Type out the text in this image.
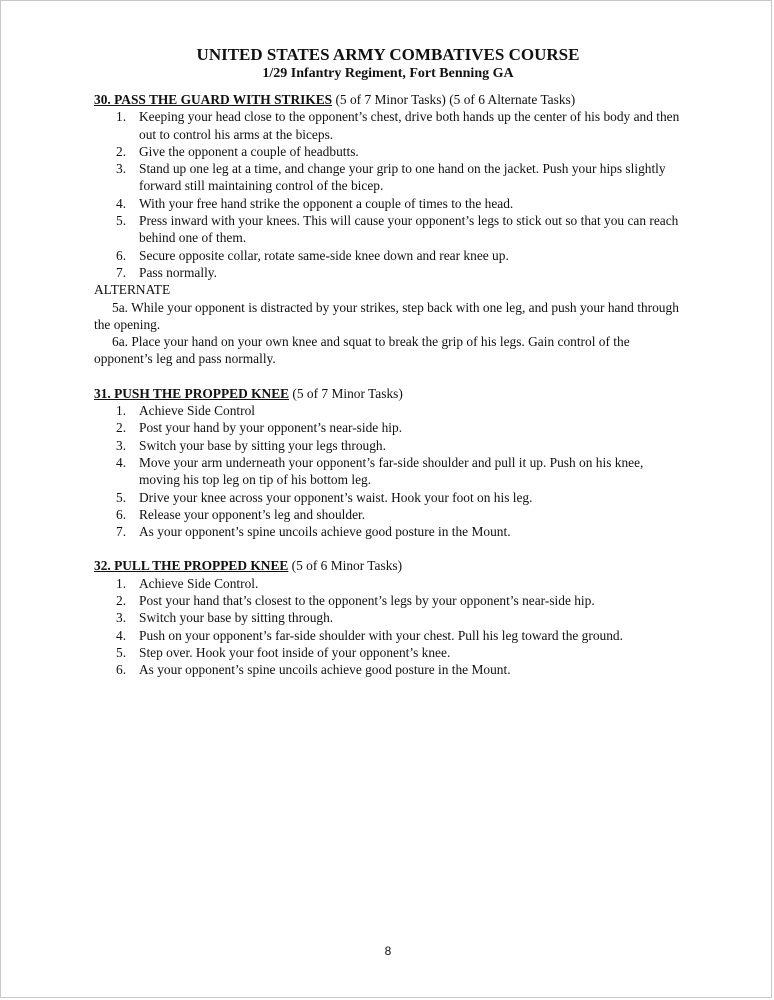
UNITED STATES ARMY COMBATIVES COURSE

1/29 Infantry Regiment, Fort Benning GA

30. PASS THE GUARD WITH STRIKES (5 of 7 Minor Tasks) (5 of 6 Alternate Tasks)

1. Keeping your head close to the opponent’s chest, drive both hands up the center of his body and then out to control his arms at the biceps.
2. Give the opponent a couple of headbutts.
3. Stand up one leg at a time, and change your grip to one hand on the jacket. Push your hips slightly forward still maintaining control of the bicep.
4. With your free hand strike the opponent a couple of times to the head.
5. Press inward with your knees. This will cause your opponent’s legs to stick out so that you can reach behind one of them.
6. Secure opposite collar, rotate same-side knee down and rear knee up.
7. Pass normally.

ALTERNATE

5a. While your opponent is distracted by your strikes, step back with one leg, and push your hand through the opening.

6a. Place your hand on your own knee and squat to break the grip of his legs. Gain control of the opponent’s leg and pass normally.

31. PUSH THE PROPPED KNEE (5 of 7 Minor Tasks)

1. Achieve Side Control
2. Post your hand by your opponent’s near-side hip.
3. Switch your base by sitting your legs through.
4. Move your arm underneath your opponent’s far-side shoulder and pull it up. Push on his knee, moving his top leg on tip of his bottom leg.
5. Drive your knee across your opponent’s waist. Hook your foot on his leg.
6. Release your opponent’s leg and shoulder.
7. As your opponent’s spine uncoils achieve good posture in the Mount.

32. PULL THE PROPPED KNEE (5 of 6 Minor Tasks)

1. Achieve Side Control.
2. Post your hand that’s closest to the opponent’s legs by your opponent’s near-side hip.
3. Switch your base by sitting through.
4. Push on your opponent’s far-side shoulder with your chest. Pull his leg toward the ground.
5. Step over. Hook your foot inside of your opponent’s knee.
6. As your opponent’s spine uncoils achieve good posture in the Mount.
8
